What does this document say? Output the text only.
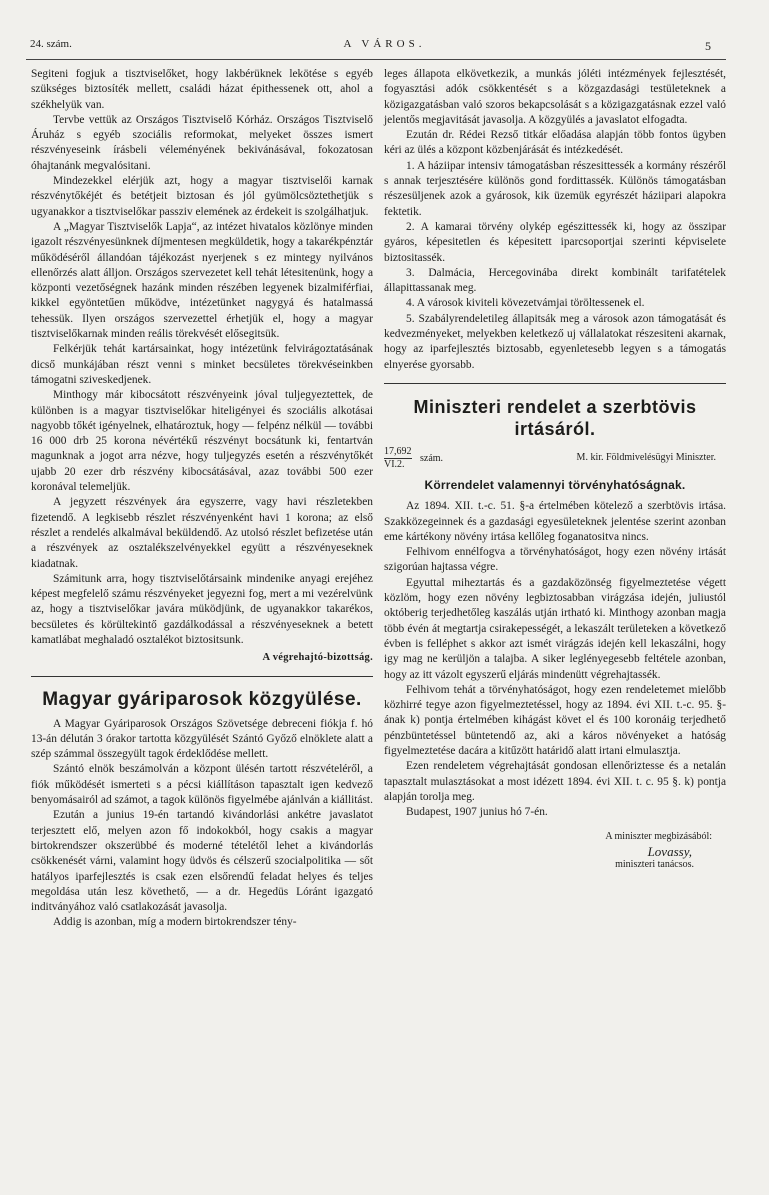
24. szám.	A VÁROS.	5

Segiteni fogjuk a tisztviselőket, hogy lakbérüknek lekötése s egyéb szükséges biztosíték mellett, családi házat épithessenek ott, ahol a székhelyük van.

Tervbe vettük az Országos Tisztviselő Kórház. Országos Tisztviselő Áruház s egyéb szociális reformokat, melyeket összes ismert részvényeseink írásbeli véleményének bekivánásával, fokozatosan óhajtanánk megvalósitani.

Mindezekkel elérjük azt, hogy a magyar tisztviselői karnak részvénytőkéjét és betétjeit biztosan és jól gyümölcsöztethetjük s ugyanakkor a tisztviselőkar passziv elemének az érdekeit is szolgálhatjuk.

A „Magyar Tisztviselők Lapja“, az intézet hivatalos közlönye minden igazolt részvényesünknek díjmentesen megküldetik, hogy a takarékpénztár működéséről állandóan tájékozást nyerjenek s ez mintegy nyilvános ellenőrzés alatt álljon. Országos szervezetet kell tehát létesitenünk, hogy a központi vezetőségnek hazánk minden részében legyenek bizalmiférfiai, kikkel egyöntetűen működve, intézetünket nagygyá és hatalmassá tehessük. Ilyen országos szervezettel érhetjük el, hogy a magyar tisztviselőkarnak minden reális törekvését elősegitsük.

Felkérjük tehát kartársainkat, hogy intézetünk felvirágoztatásának dicső munkájában részt venni s minket becsületes törekvéseinkben támogatni sziveskedjenek.

Minthogy már kibocsátott részvényeink jóval tuljegyeztettek, de különben is a magyar tisztviselőkar hiteligényei és szociális alkotásai nagyobb tőkét igényelnek, elhatároztuk, hogy — felpénz nélkül — további 16 000 drb 25 korona névértékű részvényt bocsátunk ki, fentartván magunknak a jogot arra nézve, hogy tuljegyzés esetén a részvénytőkét ujabb 20 ezer drb részvény kibocsátásával, azaz további 500 ezer koronával telemeljük.

A jegyzett részvények ára egyszerre, vagy havi részletekben fizetendő. A legkisebb részlet részvényenként havi 1 korona; az első részlet a rendelés alkalmával beküldendő. Az utolsó részlet befizetése után a részvények az osztalékszelvényekkel együtt a részvényeseknek kiadatnak.

Számitunk arra, hogy tisztviselőtársaink mindenike anyagi erejéhez képest megfelelő számu részvényeket jegyezni fog, mert a mi vezérelvünk az, hogy a tisztviselőkar javára müködjünk, de ugyanakkor takarékos, becsületes és körültekintő gazdálkodással a részvényeseknek a betett kamatlábat meghaladó osztalékot biztositsunk.

A végrehajtó-bizottság.
Magyar gyáriparosok közgyülése.

A Magyar Gyáriparosok Országos Szövetsége debreceni fiókja f. hó 13-án délután 3 órakor tartotta közgyülését Szántó Győző elnöklete alatt a szép számmal összegyült tagok érdeklődése mellett.

Szántó elnök beszámolván a központ ülésén tartott részvételéről, a fiók működését ismerteti s a pécsi kiállításon tapasztalt igen kedvező benyomásairól ad számot, a tagok különös figyelmébe ajánlván a kiállitást.

Ezután a junius 19-én tartandó kivándorlási ankétre javaslatot terjesztett elő, melyen azon fő indokokból, hogy csakis a magyar birtokrendszer okszerübbé és moderné tételétől lehet a kivándorlás csökkenését várni, valamint hogy üdvös és célszerű szocialpolitika — sőt hatályos iparfejlesztés is csak ezen elsőrendű feladat helyes és teljes megoldása után lesz követhető, — a dr. Hegedüs Lóránt igazgató inditványához való csatlakozását javasolja.

Addig is azonban, míg a modern birtokrendszer tény-

leges állapota elkövetkezik, a munkás jóléti intézmények fejlesztését, fogyasztási adók csökkentését s a közgazdasági testületeknek a közigazgatásban való szoros bekapcsolását s a közigazgatásnak ezzel való jelentős megjavitását javasolja. A közgyülés a javaslatot elfogadta.

Ezután dr. Rédei Rezső titkár előadása alapján több fontos ügyben kéri az ülés a központ közbenjárását és intézkedését.

1. A háziipar intensiv támogatásban részesittessék a kormány részéről s annak terjesztésére különös gond fordittassék. Különös támogatásban részesüljenek azok a gyárosok, kik üzemük egyrészét háziipari alapokra fektetik.

2. A kamarai törvény olykép egészittessék ki, hogy az összipar gyáros, képesitetlen és képesitett iparcsoportjai szerinti képviselete biztositassék.

3. Dalmácia, Hercegovinába direkt kombinált tarifatételek állapittassanak meg.

4. A városok kiviteli kövezetvámjai töröltessenek el.

5. Szabályrendeletileg állapitsák meg a városok azon támogatását és kedvezményeket, melyekben keletkező uj vállalatokat részesiteni akarnak, hogy az iparfejlesztés biztosabb, egyenletesebb legyen s a támogatás elnyerése gyorsabb.

Miniszteri rendelet a szerbtövis irtásáról.
$\frac{17,692}{VI.2.}$ szám.	M. kir. Földmivelésügyi Miniszter.
Körrendelet valamennyi törvényhatóságnak.

Az 1894. XII. t.-c. 51. §-a értelmében kötelező a szerbtövis irtása. Szakközegeinnek és a gazdasági egyesületeknek jelentése szerint azonban eme kártékony növény irtása kellőleg foganatositva nincs.

Felhivom ennélfogva a törvényhatóságot, hogy ezen növény irtását szigorúan hajtassa végre.

Egyuttal miheztartás és a gazdaközönség figyelmeztetése végett közlöm, hogy ezen növény legbiztosabban virágzása idején, juliustól októberig terjedhetőleg kaszálás utján irtható ki. Minthogy azonban magja több évén át megtartja csirakepességét, a lekaszált területeken a következő évben is felléphet s akkor azt ismét virágzás idején kell lekaszálni, hogy igy mag ne kerüljön a talajba. A siker leglényegesebb feltétele azonban, hogy az itt vázolt egyszerű eljárás mindenütt végrehajtassék.

Felhivom tehát a törvényhatóságot, hogy ezen rendeletemet mielőbb közhirré tegye azon figyelmeztetéssel, hogy az 1894. évi XII. t.-c. 95. §-ának k) pontja értelmében kihágást követ el és 100 koronáig terjedhető pénzbüntetéssel büntetendő az, aki a káros növényeket a hatóság figyelmeztetése dacára a kitűzött határidő alatt irtani elmulasztja.

Ezen rendeletem végrehajtását gondosan ellenőriztesse és a netalán tapasztalt mulasztásokat a most idézett 1894. évi XII. t. c. 95 §. k) pontja alapján torolja meg.

Budapest, 1907 junius hó 7-én.

A miniszter megbizásából:
Lovassy,
miniszteri tanácsos.
